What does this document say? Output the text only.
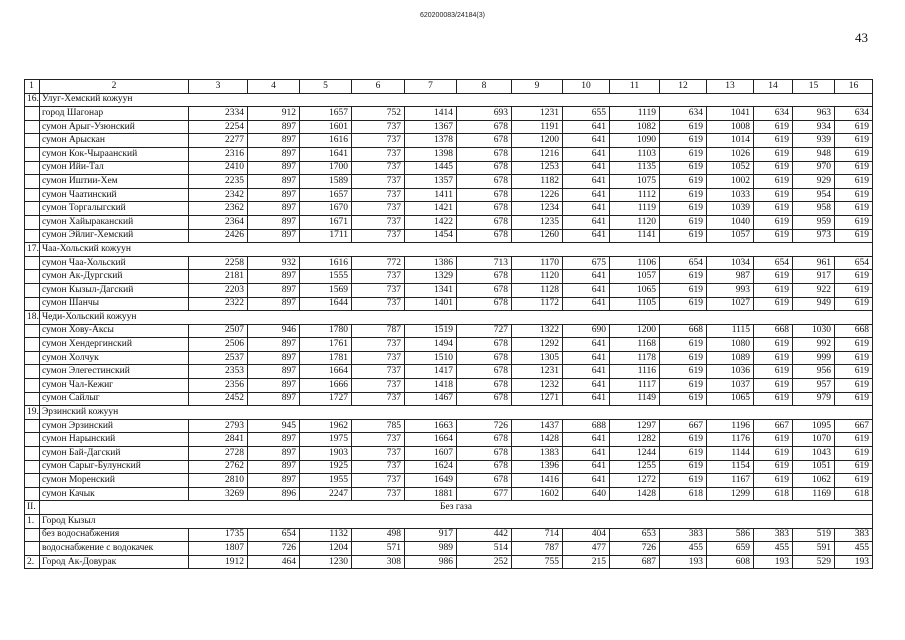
620200083/24184(3)
43
1	2	3	4	5	6	7	8	9	10	11	12	13	14	15	16
16.	Улуг-Хемский кожуун														
	город Шагонар	2334	912	1657	752	1414	693	1231	655	1119	634	1041	634	963	634
	сумон Арыг-Узюнский	2254	897	1601	737	1367	678	1191	641	1082	619	1008	619	934	619
	сумон Арыскан	2277	897	1616	737	1378	678	1200	641	1090	619	1014	619	939	619
	сумон Кок-Чыраанский	2316	897	1641	737	1398	678	1216	641	1103	619	1026	619	948	619
	сумон Ийи-Тал	2410	897	1700	737	1445	678	1253	641	1135	619	1052	619	970	619
	сумон Иштии-Хем	2235	897	1589	737	1357	678	1182	641	1075	619	1002	619	929	619
	сумон Чаатинский	2342	897	1657	737	1411	678	1226	641	1112	619	1033	619	954	619
	сумон Торгалыгский	2362	897	1670	737	1421	678	1234	641	1119	619	1039	619	958	619
	сумон Хайыраканский	2364	897	1671	737	1422	678	1235	641	1120	619	1040	619	959	619
	сумон Эйлиг-Хемский	2426	897	1711	737	1454	678	1260	641	1141	619	1057	619	973	619
17.	Чаа-Хольский кожуун														
	сумон Чаа-Хольский	2258	932	1616	772	1386	713	1170	675	1106	654	1034	654	961	654
	сумон Ак-Дургский	2181	897	1555	737	1329	678	1120	641	1057	619	987	619	917	619
	сумон Кызыл-Дагский	2203	897	1569	737	1341	678	1128	641	1065	619	993	619	922	619
	сумон Шанчы	2322	897	1644	737	1401	678	1172	641	1105	619	1027	619	949	619
18.	Чеди-Хольский кожуун														
	сумон Хову-Аксы	2507	946	1780	787	1519	727	1322	690	1200	668	1115	668	1030	668
	сумон Хендергинский	2506	897	1761	737	1494	678	1292	641	1168	619	1080	619	992	619
	сумон Холчук	2537	897	1781	737	1510	678	1305	641	1178	619	1089	619	999	619
	сумон Элегестинский	2353	897	1664	737	1417	678	1231	641	1116	619	1036	619	956	619
	сумон Чал-Кежиг	2356	897	1666	737	1418	678	1232	641	1117	619	1037	619	957	619
	сумон Сайлыг	2452	897	1727	737	1467	678	1271	641	1149	619	1065	619	979	619
19.	Эрзинский кожуун														
	сумон Эрзинский	2793	945	1962	785	1663	726	1437	688	1297	667	1196	667	1095	667
	сумон Нарынский	2841	897	1975	737	1664	678	1428	641	1282	619	1176	619	1070	619
	сумон Бай-Дагский	2728	897	1903	737	1607	678	1383	641	1244	619	1144	619	1043	619
	сумон Сарыг-Булунский	2762	897	1925	737	1624	678	1396	641	1255	619	1154	619	1051	619
	сумон Моренский	2810	897	1955	737	1649	678	1416	641	1272	619	1167	619	1062	619
	сумон Качык	3269	896	2247	737	1881	677	1602	640	1428	618	1299	618	1169	618
II.	Без газа														
1.	Город Кызыл														
	без водоснабжения	1735	654	1132	498	917	442	714	404	653	383	586	383	519	383
	водоснабжение с водокачек	1807	726	1204	571	989	514	787	477	726	455	659	455	591	455
2.	Город Ак-Довурак	1912	464	1230	308	986	252	755	215	687	193	608	193	529	193
